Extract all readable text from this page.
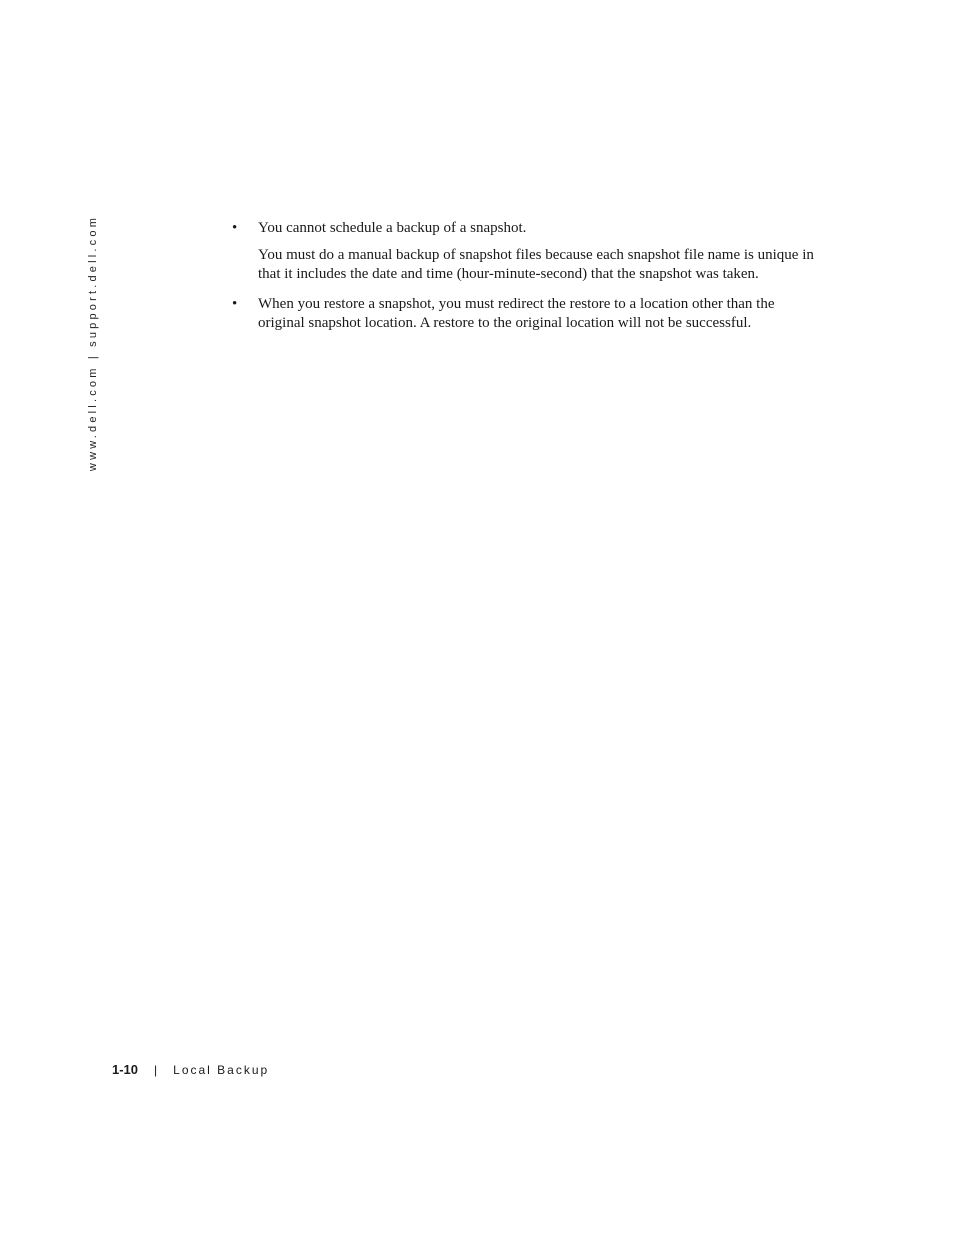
www.dell.com | support.dell.com	• You cannot schedule a backup of a snapshot.

You must do a manual backup of snapshot files because each snapshot file name is unique in that it includes the date and time (hour-minute-second) that the snapshot was taken.

• When you restore a snapshot, you must redirect the restore to a location other than the original snapshot location. A restore to the original location will not be successful.

1-10 | Local Backup
